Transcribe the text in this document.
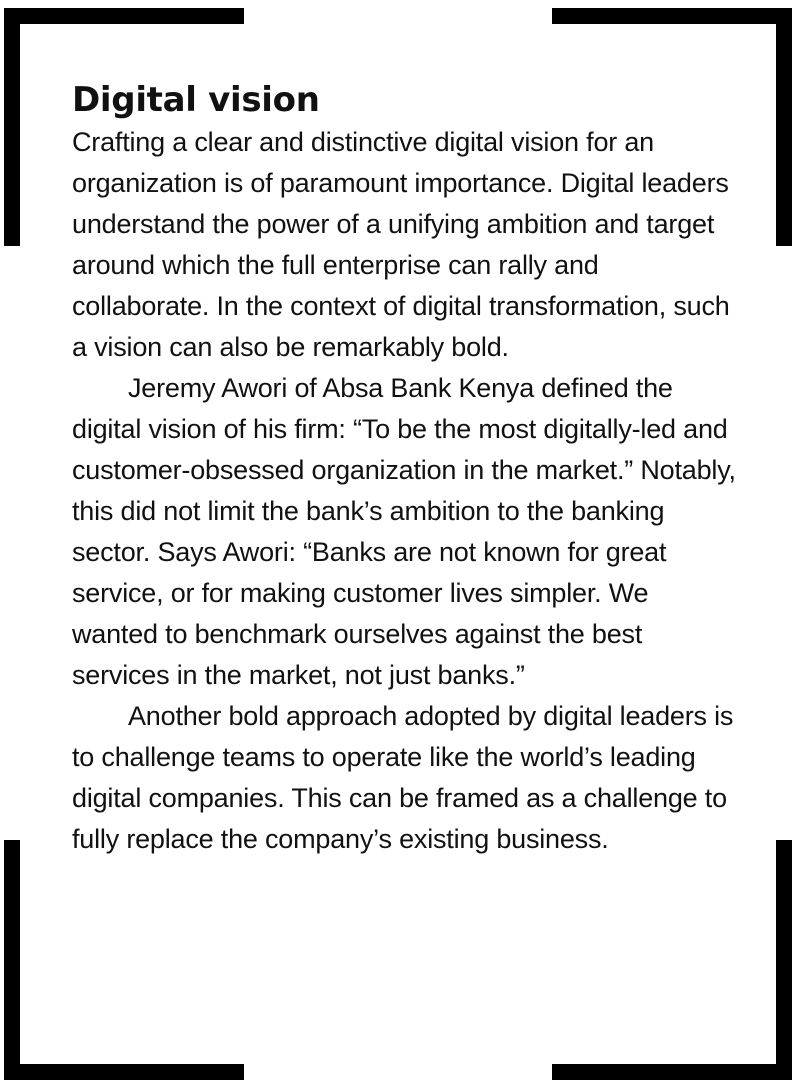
Digital vision

Crafting a clear and distinctive digital vision for an organization is of paramount importance. Digital leaders understand the power of a unifying ambition and target around which the full enterprise can rally and collaborate. In the context of digital transformation, such a vision can also be remarkably bold.

Jeremy Awori of Absa Bank Kenya defined the digital vision of his firm: “To be the most digitally-led and customer-obsessed organization in the market.” Notably, this did not limit the bank’s ambition to the banking sector. Says Awori: “Banks are not known for great service, or for making customer lives simpler. We wanted to benchmark ourselves against the best services in the market, not just banks.”

Another bold approach adopted by digital leaders is to challenge teams to operate like the world’s leading digital companies. This can be framed as a challenge to fully replace the company’s existing business.
